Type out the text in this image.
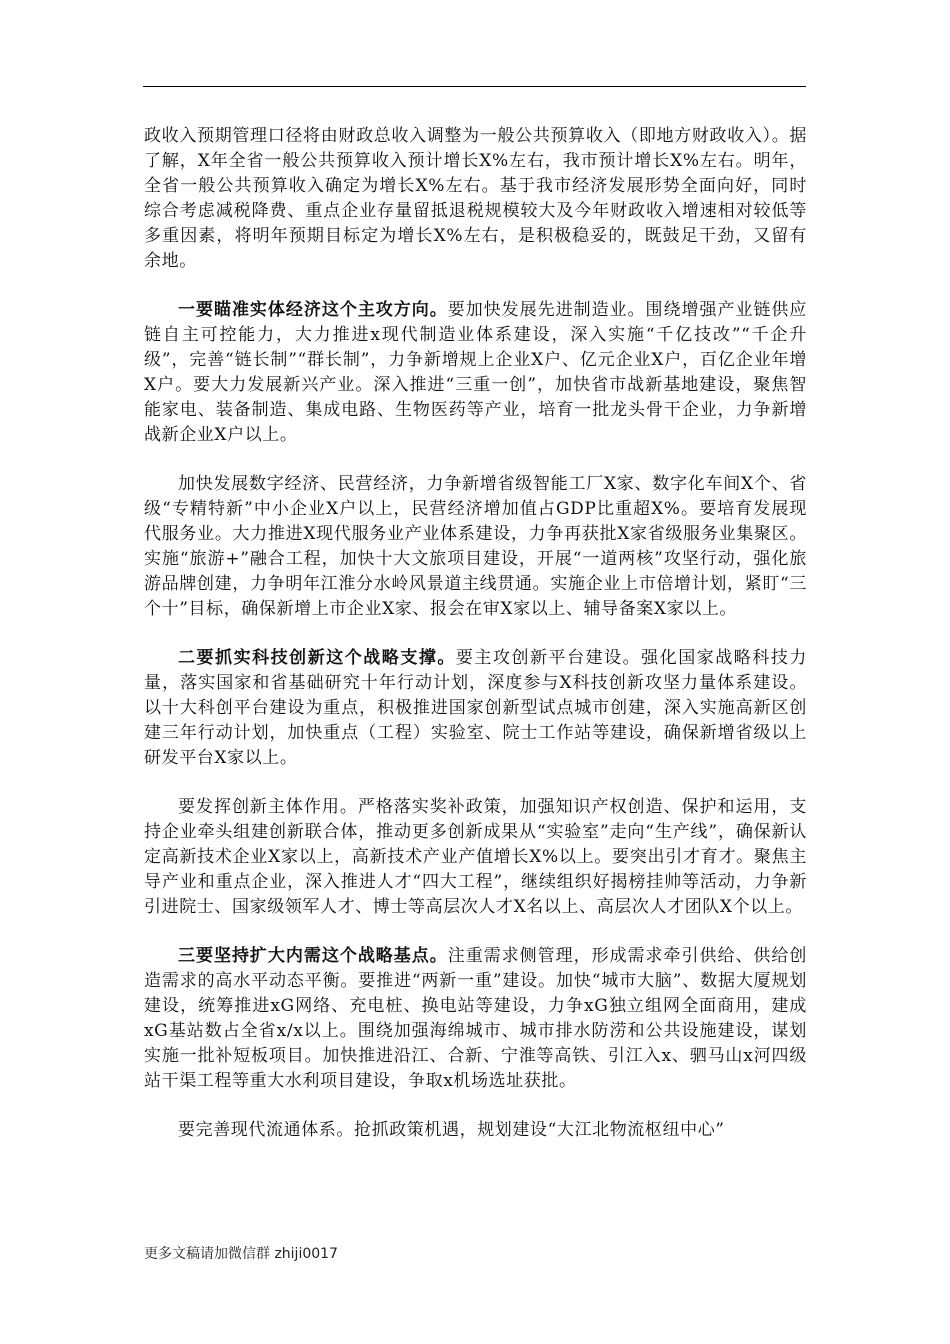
政收入预期管理口径将由财政总收入调整为一般公共预算收入（即地方财政收入）。据了解，X年全省一般公共预算收入预计增长X%左右，我市预计增长X%左右。明年，全省一般公共预算收入确定为增长X%左右。基于我市经济发展形势全面向好，同时综合考虑减税降费、重点企业存量留抵退税规模较大及今年财政收入增速相对较低等多重因素，将明年预期目标定为增长X%左右，是积极稳妥的，既鼓足干劲，又留有余地。

一要瞄准实体经济这个主攻方向。要加快发展先进制造业。围绕增强产业链供应链自主可控能力，大力推进x现代制造业体系建设，深入实施“千亿技改”“千企升级”，完善“链长制”“群长制”，力争新增规上企业X户、亿元企业X户，百亿企业年增X户。要大力发展新兴产业。深入推进“三重一创”，加快省市战新基地建设，聚焦智能家电、装备制造、集成电路、生物医药等产业，培育一批龙头骨干企业，力争新增战新企业X户以上。

加快发展数字经济、民营经济，力争新增省级智能工厂X家、数字化车间X个、省级“专精特新”中小企业X户以上，民营经济增加值占GDP比重超X%。要培育发展现代服务业。大力推进X现代服务业产业体系建设，力争再获批X家省级服务业集聚区。实施“旅游+”融合工程，加快十大文旅项目建设，开展“一道两核”攻坚行动，强化旅游品牌创建，力争明年江淮分水岭风景道主线贯通。实施企业上市倍增计划，紧盯“三个十”目标，确保新增上市企业X家、报会在审X家以上、辅导备案X家以上。

二要抓实科技创新这个战略支撑。要主攻创新平台建设。强化国家战略科技力量，落实国家和省基础研究十年行动计划，深度参与X科技创新攻坚力量体系建设。以十大科创平台建设为重点，积极推进国家创新型试点城市创建，深入实施高新区创建三年行动计划，加快重点（工程）实验室、院士工作站等建设，确保新增省级以上研发平台X家以上。

要发挥创新主体作用。严格落实奖补政策，加强知识产权创造、保护和运用，支持企业牵头组建创新联合体，推动更多创新成果从“实验室”走向“生产线”，确保新认定高新技术企业X家以上，高新技术产业产值增长X%以上。要突出引才育才。聚焦主导产业和重点企业，深入推进人才“四大工程”，继续组织好揭榜挂帅等活动，力争新引进院士、国家级领军人才、博士等高层次人才X名以上、高层次人才团队X个以上。

三要坚持扩大内需这个战略基点。注重需求侧管理，形成需求牵引供给、供给创造需求的高水平动态平衡。要推进“两新一重”建设。加快“城市大脑”、数据大厦规划建设，统筹推进xG网络、充电桩、换电站等建设，力争xG独立组网全面商用，建成xG基站数占全省x/x以上。围绕加强海绵城市、城市排水防涝和公共设施建设，谋划实施一批补短板项目。加快推进沿江、合新、宁淮等高铁、引江入x、驷马山x河四级站干渠工程等重大水利项目建设，争取x机场选址获批。

要完善现代流通体系。抢抓政策机遇，规划建设“大江北物流枢纽中心”

更多文稿请加微信群 zhiji0017
